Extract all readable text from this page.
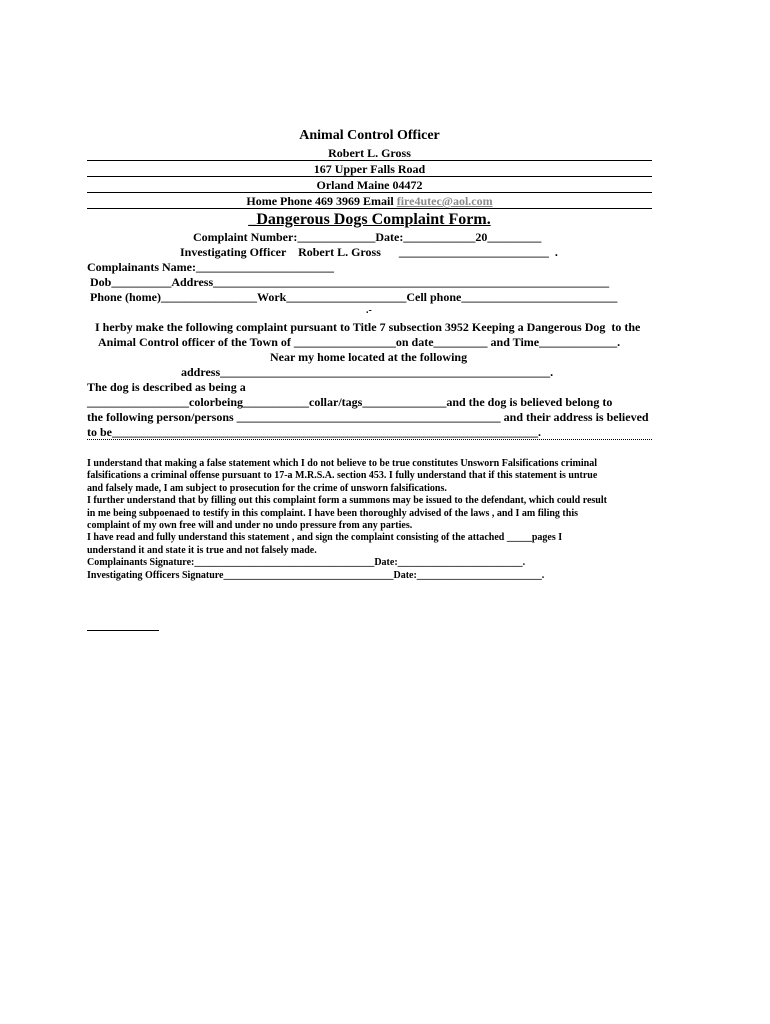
Animal Control Officer
Robert L. Gross
167 Upper Falls Road
Orland Maine 04472
Home Phone 469 3969 Email fire4utec@aol.com
_Dangerous Dogs Complaint Form.
Complaint Number:_____________Date:____________20_________
Investigating Officer    Robert L. Gross      _________________________  .
Complainants Name:_______________________
Dob__________Address__________________________________________________________________
Phone (home)________________Work____________________Cell phone__________________________
.-
I herby make the following complaint pursuant to Title 7 subsection 3952 Keeping a Dangerous Dog  to the
Animal Control officer of the Town of _________________on date_________ and Time_____________.
Near my home located at the following
address_______________________________________________________.
The dog is described as being a
_________________colorbeing___________collar/tags______________and the dog is believed belong to
the following person/persons ____________________________________________ and their address is believed
to be_______________________________________________________________________.
I understand that making a false statement which I do not believe to be true constitutes Unsworn Falsifications criminal
falsifications a criminal offense pursuant to 17-a M.R.S.A. section 453. I fully understand that if this statement is untrue
and falsely made, I am subject to prosecution for the crime of unsworn falsifications.
I further understand that by filling out this complaint form a summons may be issued to the defendant, which could result
in me being subpoenaed to testify in this complaint. I have been thoroughly advised of the laws , and I am filing this
complaint of my own free will and under no undo pressure from any parties.
I have read and fully understand this statement , and sign the complaint consisting of the attached _____pages I
understand it and state it is true and not falsely made.
Complainants Signature:____________________________________Date:_________________________.
Investigating Officers Signature__________________________________Date:_________________________.
